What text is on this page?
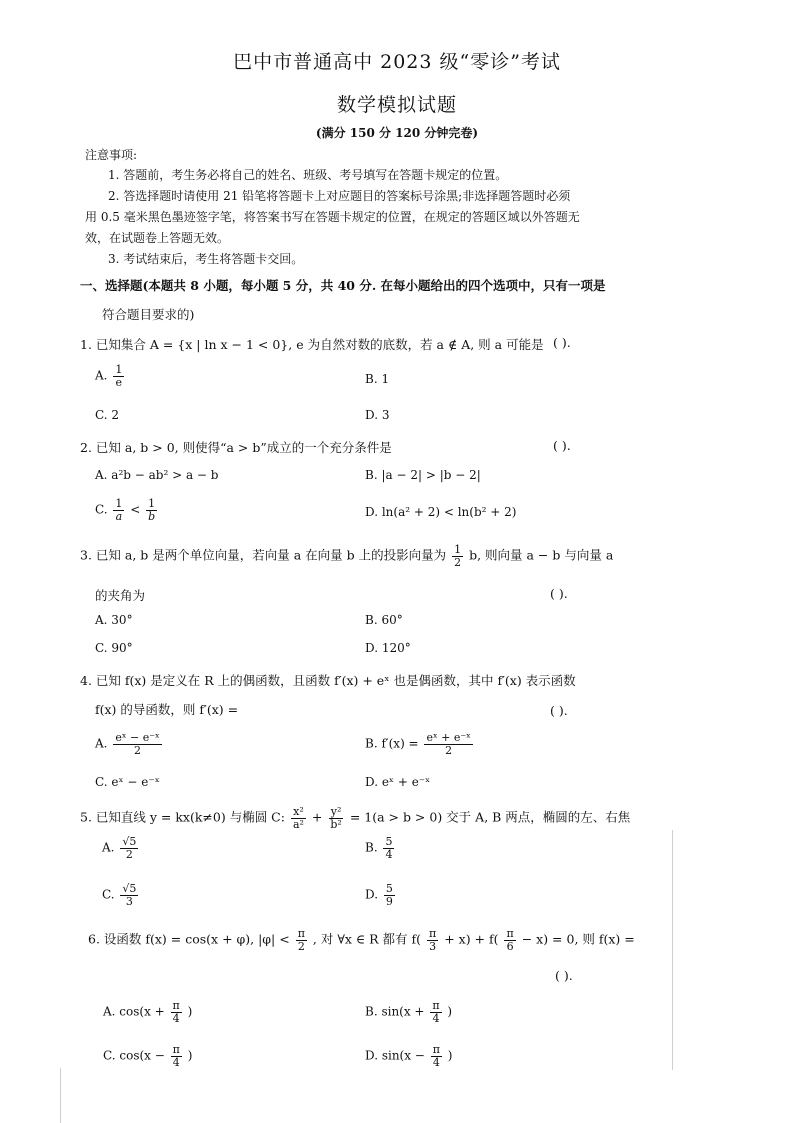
巴中市普通高中 2023 级“零诊”考试
数学模拟试题
(满分 150 分 120 分钟完卷)
注意事项:
1. 答题前，考生务必将自己的姓名、班级、考号填写在答题卡规定的位置。
2. 答选择题时请使用 21 铅笔将答题卡上对应题目的答案标号涂黑;非选择题答题时必须
用 0.5 毫米黑色墨迹签字笔，将答案书写在答题卡规定的位置，在规定的答题区域以外答题无
效，在试题卷上答题无效。
3. 考试结束后，考生将答题卡交回。
一、选择题(本题共 8 小题，每小题 5 分，共 40 分. 在每小题给出的四个选项中，只有一项是
符合题目要求的)
1. 已知集合 A = {x | ln x − 1 < 0}, e 为自然对数的底数，若 a ∉ A, 则 a 可能是 ( ).
A. $\frac{1}{e}$	B. 1
C. 2	D. 3
2. 已知 a, b > 0, 则使得“a > b”成立的一个充分条件是	( ).
A. a²b − ab² > a − b	B. |a − 2| > |b − 2|
C. $\frac{1}{a} < \frac{1}{b}$	D. ln(a² + 2) < ln(b² + 2)
3. 已知 a, b 是两个单位向量，若向量 a 在向量 b 上的投影向量为 $\frac{1}{2} b$, 则向量 a − b 与向量 a
的夹角为	( ).
A. 30°	B. 60°
C. 90°	D. 120°
4. 已知 f(x) 是定义在 R 上的偶函数，且函数 f′(x) + eˣ 也是偶函数，其中 f′(x) 表示函数
f(x) 的导函数，则 f′(x) =	( ).
A. $\frac{\text{eˣ − e⁻ˣ}}{2}$	B. $f'(x) = \frac{\text{eˣ + e⁻ˣ}}{2}$
C. eˣ − e⁻ˣ	D. eˣ + e⁻ˣ
5. 已知直线 y = kx(k≠0) 与椭圆 C: $\frac{\text{x²}}{\text{a²}} + \frac{\text{y²}}{\text{b²}} = 1(a > b > 0)$ 交于 A, B 两点，椭圆的左、右焦
A. $\frac{√5}{2}$	B. $\frac{5}{4}$
C. $\frac{√5}{3}$	D. $\frac{5}{9}$
6. 设函数 f(x) = cos(x + φ), $|\varphi| < \frac{\pi}{2}$ , 对 ∀x ∈ R 都有 $f( \frac{\pi}{3} + x) + f( \frac{\pi}{6} - x) = 0$, 则 f(x) =
( ).
A. $\cos(x + \frac{\pi}{4}$ )	B. $\sin(x + \frac{\pi}{4}$ )
C. $\cos(x - \frac{\pi}{4}$ )	D. $\sin(x - \frac{\pi}{4}$ )
